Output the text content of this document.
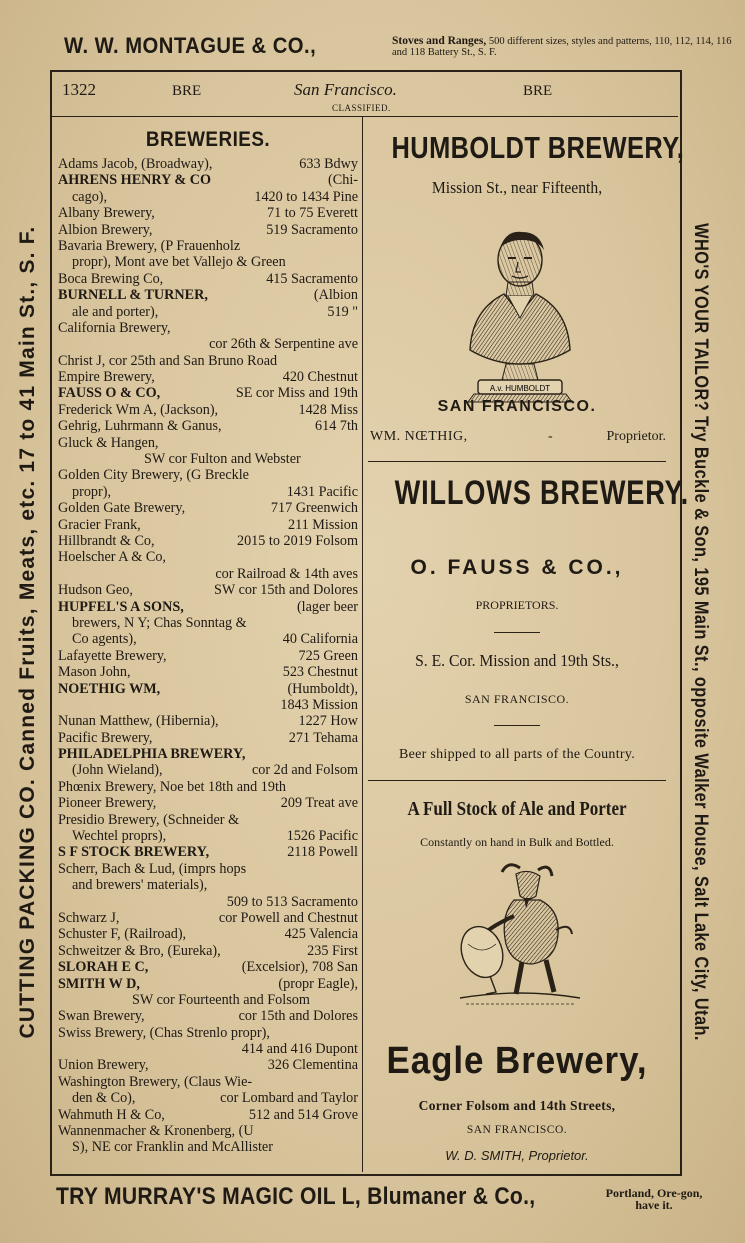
W. W. MONTAGUE & CO.,	Stoves and Ranges, 500 different sizes, styles and patterns, 110, 112, 114, 116 and 118 Battery St., S. F.
CUTTING PACKING CO. Canned Fruits, Meats, etc. 17 to 41 Main St., S. F.	WHO'S YOUR TAILOR? Try Buckle & Son, 195 Main St., opposite Walker House, Salt Lake City, Utah.
1322	BRE	San Francisco.	BRE
CLASSIFIED.
BREWERIES.
Adams Jacob, (Broadway),	633 Bdwy
AHRENS HENRY & CO	(Chi-
cago),	1420 to 1434 Pine
Albany Brewery,	71 to 75 Everett
Albion Brewery,	519 Sacramento
Bavaria Brewery, (P Frauenholz
propr), Mont ave bet Vallejo & Green
Boca Brewing Co,	415 Sacramento
BURNELL & TURNER,	(Albion
ale and porter),	519 "
California Brewery,
cor 26th & Serpentine ave
Christ J, cor 25th and San Bruno Road
Empire Brewery,	420 Chestnut
FAUSS O & CO,	SE cor Miss and 19th
Frederick Wm A, (Jackson),	1428 Miss
Gehrig, Luhrmann & Ganus,	614 7th
Gluck & Hangen,
SW cor Fulton and Webster
Golden City Brewery, (G Breckle
propr),	1431 Pacific
Golden Gate Brewery,	717 Greenwich
Gracier Frank,	211 Mission
Hillbrandt & Co,	2015 to 2019 Folsom
Hoelscher A & Co,
cor Railroad & 14th aves
Hudson Geo,	SW cor 15th and Dolores
HUPFEL'S A SONS,	(lager beer
brewers, N Y; Chas Sonntag &
Co agents),	40 California
Lafayette Brewery,	725 Green
Mason John,	523 Chestnut
NOETHIG WM,	(Humboldt),
1843 Mission
Nunan Matthew, (Hibernia),	1227 How
Pacific Brewery,	271 Tehama
PHILADELPHIA BREWERY,
(John Wieland),	cor 2d and Folsom
Phœnix Brewery, Noe bet 18th and 19th
Pioneer Brewery,	209 Treat ave
Presidio Brewery, (Schneider &
Wechtel proprs),	1526 Pacific
S F STOCK BREWERY,	2118 Powell
Scherr, Bach & Lud, (imprs hops
and brewers' materials),
509 to 513 Sacramento
Schwarz J,	cor Powell and Chestnut
Schuster F, (Railroad),	425 Valencia
Schweitzer & Bro, (Eureka),	235 First
SLORAH E C,	(Excelsior), 708 San
SMITH W D,	(propr Eagle),
SW cor Fourteenth and Folsom
Swan Brewery,	cor 15th and Dolores
Swiss Brewery, (Chas Strenlo propr),
414 and 416 Dupont
Union Brewery,	326 Clementina
Washington Brewery, (Claus Wie-
den & Co),	cor Lombard and Taylor
Wahmuth H & Co,	512 and 514 Grove
Wannenmacher & Kronenberg, (U
S), NE cor Franklin and McAllister
HUMBOLDT BREWERY,
Mission St., near Fifteenth,
A.v. HUMBOLDT
SAN FRANCISCO.
WM. NŒTHIG,	-	Proprietor.
WILLOWS BREWERY.
O. FAUSS & CO.,
PROPRIETORS.
S. E. Cor. Mission and 19th Sts.,
SAN FRANCISCO.
Beer shipped to all parts of the Country.
A Full Stock of Ale and Porter
Constantly on hand in Bulk and Bottled.
Eagle Brewery,
Corner Folsom and 14th Streets,
SAN FRANCISCO.
W. D. SMITH, Proprietor.
TRY MURRAY'S MAGIC OIL L, Blumaner & Co.,	Portland, Ore-gon, have it.
